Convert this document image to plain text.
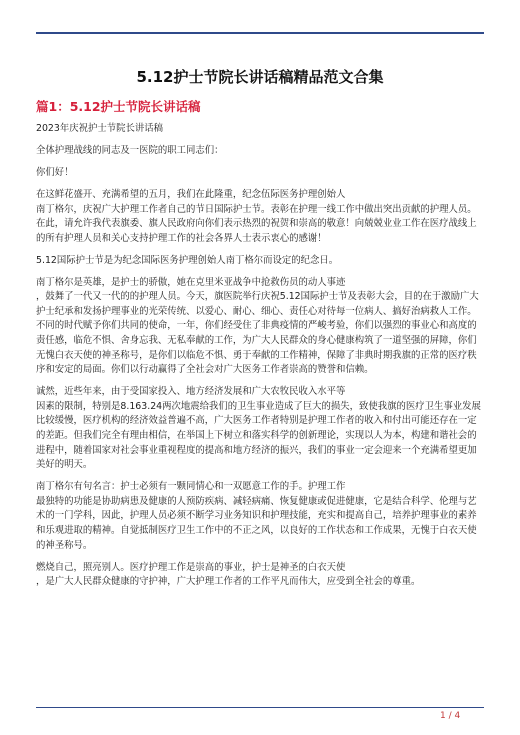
5.12护士节院长讲话稿精品范文合集
篇1：5.12护士节院长讲话稿

2023年庆祝护士节院长讲话稿

全体护理战线的同志及一医院的职工同志们：

你们好！

在这鲜花盛开、充满希望的五月，我们在此隆重，纪念伍际医务护理创始人
南丁格尔，庆祝广大护理工作者自己的节日国际护士节。表彰在护理一线工作中做出突出贡献的护理人员。在此，请允许我代表旗委、旗人民政府向你们表示热烈的祝贺和崇高的敬意！向兢兢业业工作在医疗战线上的所有护理人员和关心支持护理工作的社会各界人士表示衷心的感谢！

5.12国际护士节是为纪念国际医务护理创始人南丁格尔而设定的纪念日。

南丁格尔是英雄，是护士的骄傲，她在克里米亚战争中抢救伤员的动人事迹
，鼓舞了一代又一代的的护理人员。今天，旗医院举行庆祝5.12国际护士节及表彰大会，目的在于激励广大护士纪承和发扬护理事业的光荣传统、以爱心、耐心、细心、责任心对待每一位病人、搞好治病救人工作。不同的时代赋予你们共同的使命，一年，你们经受住了非典疫情的严峻考验，你们以强烈的事业心和高度的责任感，临危不惧、舍身忘我、无私奉献的工作，为广大人民群众的身心健康构筑了一道坚强的屏障，你们无愧白衣天使的神圣称号，是你们以临危不惧、勇于奉献的工作精神，保障了非典时期我旗的正常的医疗秩序和安定的局面。你们以行动赢得了全社会对广大医务工作者崇高的赞誉和信赖。

诚然，近些年来，由于受国家投入、地方经济发展和广大农牧民收入水平等
因素的限制，特别是8.163.24两次地震给我们的卫生事业造成了巨大的损失，致使我旗的医疗卫生事业发展比较缓慢，医疗机构的经济效益普遍不高，广大医务工作者特别是护理工作者的收入和付出可能还存在一定的差距。但我们完全有理由相信，在举国上下树立和落实科学的创新理论，实现以人为本，构建和谐社会的进程中，随着国家对社会事业重视程度的提高和地方经济的振兴，我们的事业一定会迎来一个充满希望更加美好的明天。

南丁格尔有句名言：护士必须有一颗同情心和一双愿意工作的手。护理工作
最独特的功能是协助病患及健康的人预防疾病、减轻病痛、恢复健康或促进健康，它是结合科学、伦理与艺术的一门学科，因此，护理人员必须不断学习业务知识和护理技能，充实和提高自己，培养护理事业的素养和乐观进取的精神。自觉抵制医疗卫生工作中的不正之风，以良好的工作状态和工作成果，无愧于白衣天使的神圣称号。

燃烧自己，照亮别人。医疗护理工作是崇高的事业，护士是神圣的白衣天使
，是广大人民群众健康的守护神，广大护理工作者的工作平凡而伟大，应受到全社会的尊重。

1 / 4
